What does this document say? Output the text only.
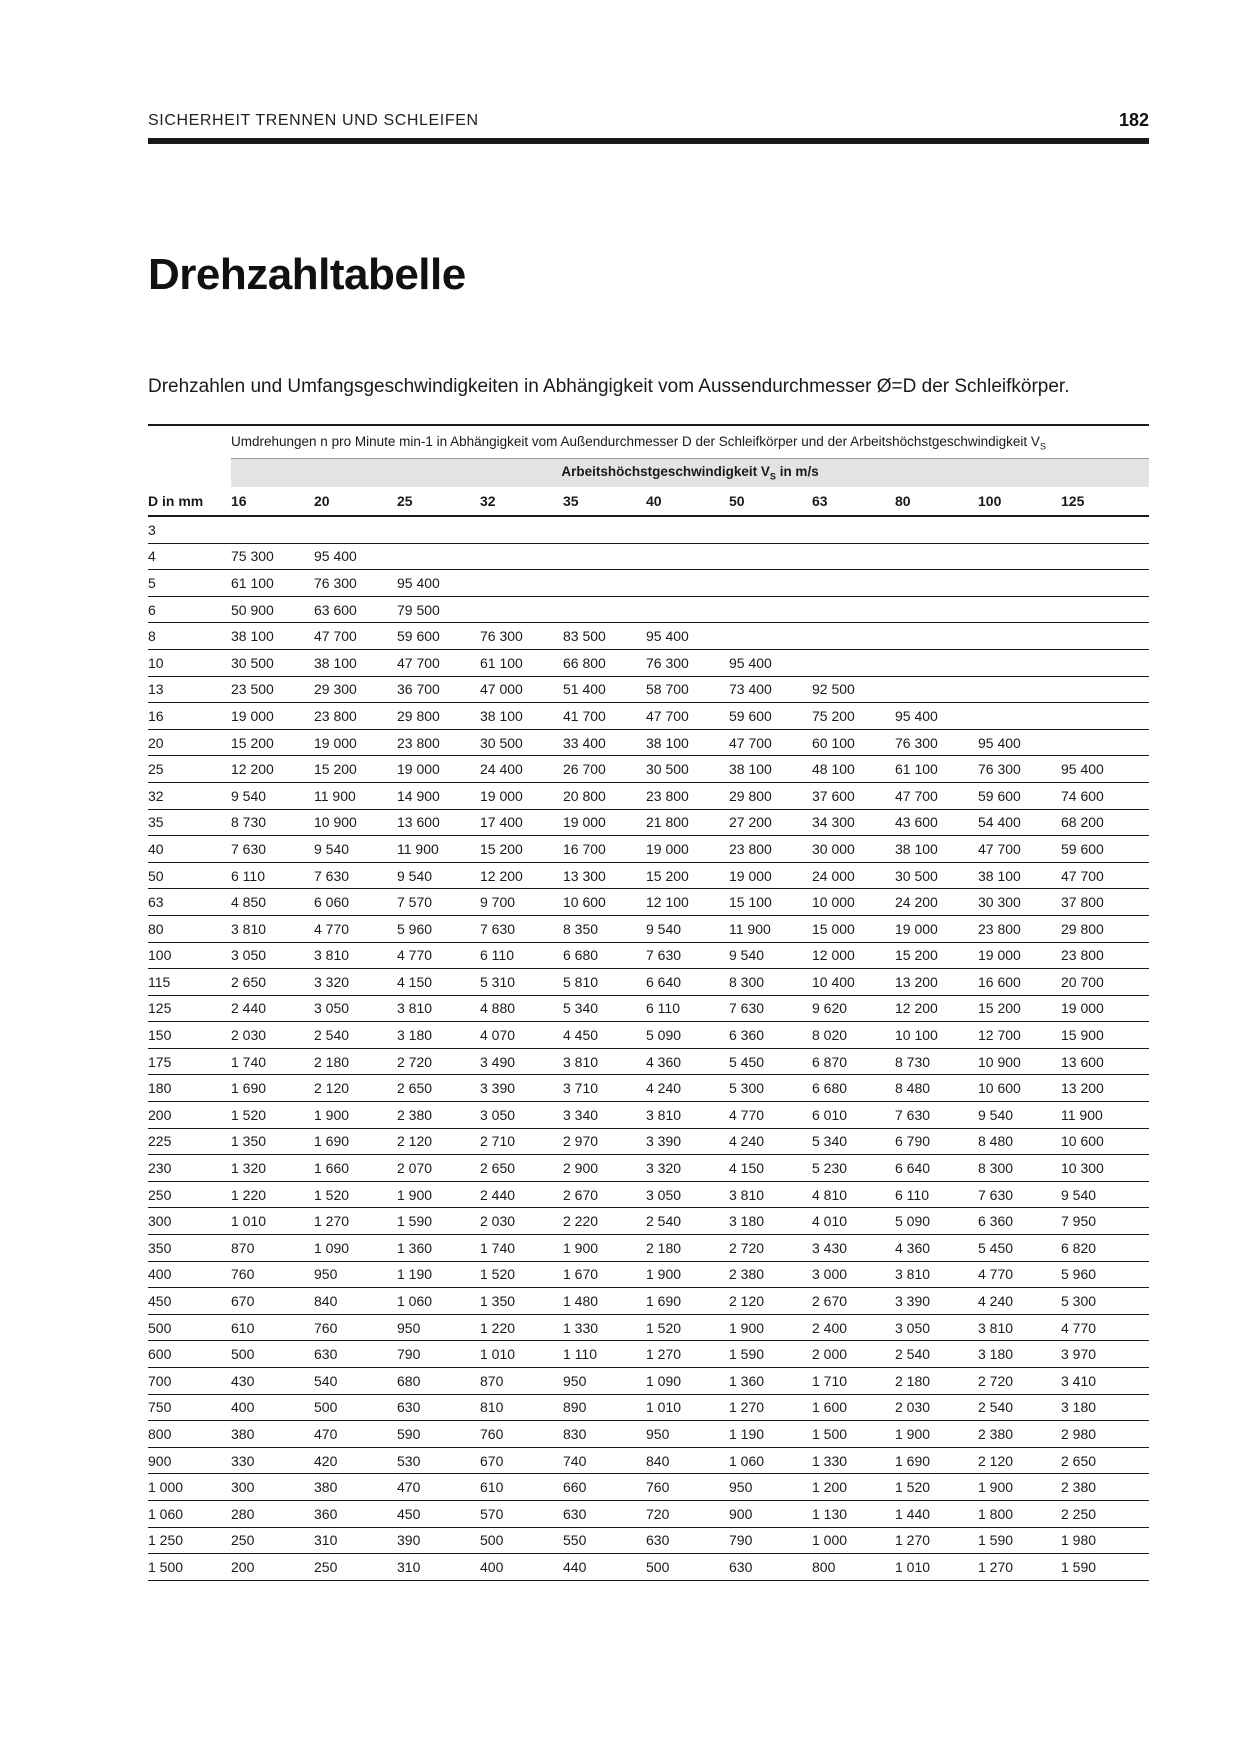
SICHERHEIT TRENNEN UND SCHLEIFEN	182
Drehzahltabelle

Drehzahlen und Umfangsgeschwindigkeiten in Abhängigkeit vom Aussendurchmesser Ø=D der Schleifkörper.

	Umdrehungen n pro Minute min-1 in Abhängigkeit vom Außendurchmesser D der Schleifkörper und der Arbeitshöchstgeschwindigkeit $V_S$
	Arbeitshöchstgeschwindigkeit $V_S$ in m/s										
D in mm	16	20	25	32	35	40	50	63	80	100	125
3											
4	75 300	95 400									
5	61 100	76 300	95 400								
6	50 900	63 600	79 500								
8	38 100	47 700	59 600	76 300	83 500	95 400					
10	30 500	38 100	47 700	61 100	66 800	76 300	95 400				
13	23 500	29 300	36 700	47 000	51 400	58 700	73 400	92 500			
16	19 000	23 800	29 800	38 100	41 700	47 700	59 600	75 200	95 400		
20	15 200	19 000	23 800	30 500	33 400	38 100	47 700	60 100	76 300	95 400	
25	12 200	15 200	19 000	24 400	26 700	30 500	38 100	48 100	61 100	76 300	95 400
32	9 540	11 900	14 900	19 000	20 800	23 800	29 800	37 600	47 700	59 600	74 600
35	8 730	10 900	13 600	17 400	19 000	21 800	27 200	34 300	43 600	54 400	68 200
40	7 630	9 540	11 900	15 200	16 700	19 000	23 800	30 000	38 100	47 700	59 600
50	6 110	7 630	9 540	12 200	13 300	15 200	19 000	24 000	30 500	38 100	47 700
63	4 850	6 060	7 570	9 700	10 600	12 100	15 100	10 000	24 200	30 300	37 800
80	3 810	4 770	5 960	7 630	8 350	9 540	11 900	15 000	19 000	23 800	29 800
100	3 050	3 810	4 770	6 110	6 680	7 630	9 540	12 000	15 200	19 000	23 800
115	2 650	3 320	4 150	5 310	5 810	6 640	8 300	10 400	13 200	16 600	20 700
125	2 440	3 050	3 810	4 880	5 340	6 110	7 630	9 620	12 200	15 200	19 000
150	2 030	2 540	3 180	4 070	4 450	5 090	6 360	8 020	10 100	12 700	15 900
175	1 740	2 180	2 720	3 490	3 810	4 360	5 450	6 870	8 730	10 900	13 600
180	1 690	2 120	2 650	3 390	3 710	4 240	5 300	6 680	8 480	10 600	13 200
200	1 520	1 900	2 380	3 050	3 340	3 810	4 770	6 010	7 630	9 540	11 900
225	1 350	1 690	2 120	2 710	2 970	3 390	4 240	5 340	6 790	8 480	10 600
230	1 320	1 660	2 070	2 650	2 900	3 320	4 150	5 230	6 640	8 300	10 300
250	1 220	1 520	1 900	2 440	2 670	3 050	3 810	4 810	6 110	7 630	9 540
300	1 010	1 270	1 590	2 030	2 220	2 540	3 180	4 010	5 090	6 360	7 950
350	870	1 090	1 360	1 740	1 900	2 180	2 720	3 430	4 360	5 450	6 820
400	760	950	1 190	1 520	1 670	1 900	2 380	3 000	3 810	4 770	5 960
450	670	840	1 060	1 350	1 480	1 690	2 120	2 670	3 390	4 240	5 300
500	610	760	950	1 220	1 330	1 520	1 900	2 400	3 050	3 810	4 770
600	500	630	790	1 010	1 110	1 270	1 590	2 000	2 540	3 180	3 970
700	430	540	680	870	950	1 090	1 360	1 710	2 180	2 720	3 410
750	400	500	630	810	890	1 010	1 270	1 600	2 030	2 540	3 180
800	380	470	590	760	830	950	1 190	1 500	1 900	2 380	2 980
900	330	420	530	670	740	840	1 060	1 330	1 690	2 120	2 650
1 000	300	380	470	610	660	760	950	1 200	1 520	1 900	2 380
1 060	280	360	450	570	630	720	900	1 130	1 440	1 800	2 250
1 250	250	310	390	500	550	630	790	1 000	1 270	1 590	1 980
1 500	200	250	310	400	440	500	630	800	1 010	1 270	1 590
